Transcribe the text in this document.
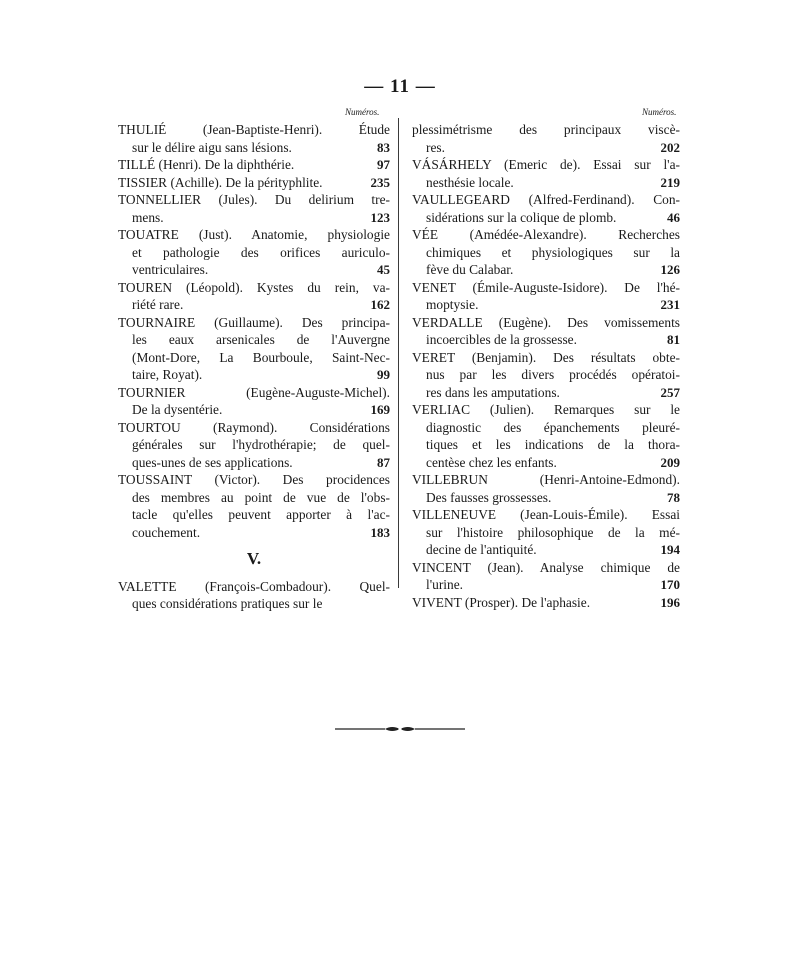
— 11 —
Numéros.	Numéros.
THULIÉ (Jean-Baptiste-Henri). Étude
sur le délire aigu sans lésions.	83
TILLÉ (Henri). De la diphthérie.	97
TISSIER (Achille). De la pérityphlite.	235
TONNELLIER (Jules). Du delirium tre-
mens.	123
TOUATRE (Just). Anatomie, physiologie
et pathologie des orifices auriculo-
ventriculaires.	45
TOUREN (Léopold). Kystes du rein, va-
riété rare.	162
TOURNAIRE (Guillaume). Des principa-
les eaux arsenicales de l'Auvergne
(Mont-Dore, La Bourboule, Saint-Nec-
taire, Royat).	99
TOURNIER (Eugène-Auguste-Michel).
De la dysentérie.	169
TOURTOU (Raymond). Considérations
générales sur l'hydrothérapie; de quel-
ques-unes de ses applications.	87
TOUSSAINT (Victor). Des procidences
des membres au point de vue de l'obs-
tacle qu'elles peuvent apporter à l'ac-
couchement.	183
V.
VALETTE (François-Combadour). Quel-
ques considérations pratiques sur le
plessimétrisme des principaux viscè-
res.	202
VÁSÁRHELY (Emeric de). Essai sur l'a-
nesthésie locale.	219
VAULLEGEARD (Alfred-Ferdinand). Con-
sidérations sur la colique de plomb.	46
VÉE (Amédée-Alexandre). Recherches
chimiques et physiologiques sur la
fève du Calabar.	126
VENET (Émile-Auguste-Isidore). De l'hé-
moptysie.	231
VERDALLE (Eugène). Des vomissements
incoercibles de la grossesse.	81
VERET (Benjamin). Des résultats obte-
nus par les divers procédés opératoi-
res dans les amputations.	257
VERLIAC (Julien). Remarques sur le
diagnostic des épanchements pleuré-
tiques et les indications de la thora-
centèse chez les enfants.	209
VILLEBRUN (Henri-Antoine-Edmond).
Des fausses grossesses.	78
VILLENEUVE (Jean-Louis-Émile). Essai
sur l'histoire philosophique de la mé-
decine de l'antiquité.	194
VINCENT (Jean). Analyse chimique de
l'urine.	170
VIVENT (Prosper). De l'aphasie.	196
